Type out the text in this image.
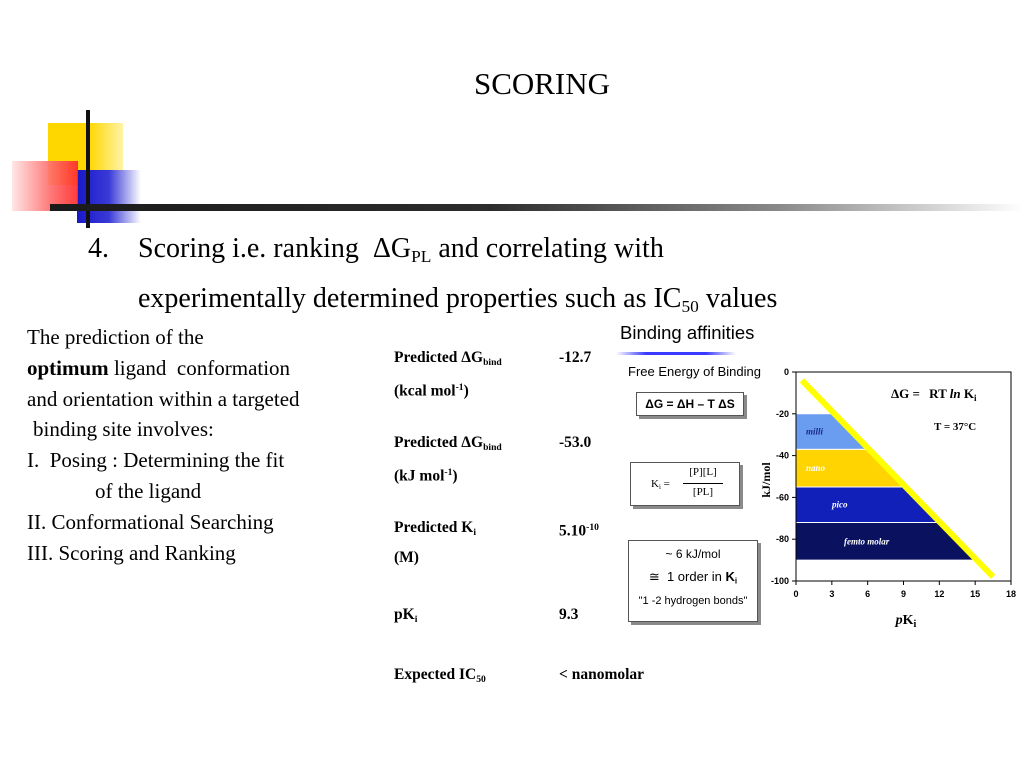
SCORING
4. Scoring i.e. ranking  $\Delta G_{PL}$ and correlating with
experimentally determined properties such as $IC_{50}$ values
The prediction of the
optimum ligand  conformation
and orientation within a targeted
binding site involves:
I.  Posing : Determining the fit
of the ligand
II. Conformational Searching
III. Scoring and Ranking
Predicted $\Delta G_{bind}$
(kcal mol$^{-1}$)
-12.7
Predicted $\Delta G_{bind}$
(kJ mol$^{-1}$)
-53.0
Predicted $K_i$
(M)
$5.10^{-10}$
$pK_i$	9.3
Expected $IC_{50}$	< nanomolar
Binding affinities
Free Energy of Binding
ΔG = ΔH – T ΔS
$K_i$ =
[P][L]
[PL]
~ 6 kJ/mol
≅  1 order in $K_i$
"1 -2 hydrogen bonds"
milli
nano
pico
femto molar
0	3	6	9	12	15	18
0
-20
-40
-60
-80
-100
kJ/mol
$pK_i$
ΔG = RT $\ln K_i$
T = 37°C
